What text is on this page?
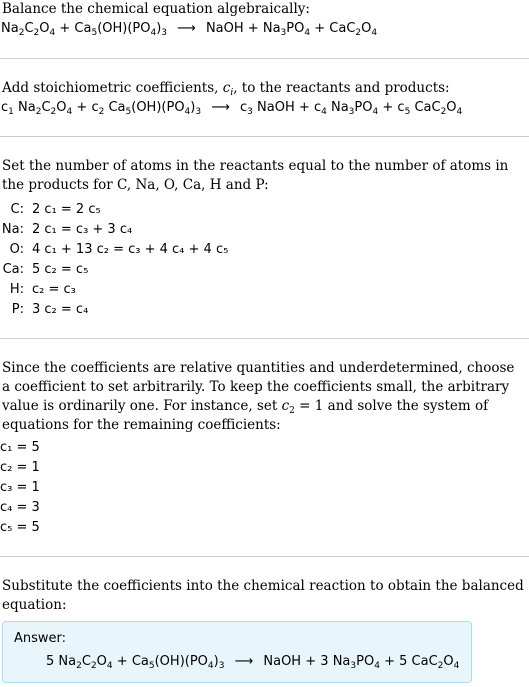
Balance the chemical equation algebraically:
$Na_2C_2O_4 + Ca_5(OH)(PO_4)_3$ ⟶ NaOH + $Na_3PO_4 + CaC_2O_4$
Add stoichiometric coefficients, $c_i$, to the reactants and products:
$c_1$ $Na_2C_2O_4 + c_2$ $Ca_5(OH)(PO_4)_3$ ⟶ $c_3$ NaOH + $c_4$ $Na_3PO_4 + c_5$ $CaC_2O_4$
Set the number of atoms in the reactants equal to the number of atoms in the products for C, Na, O, Ca, H and P:
C:	2 c₁ = 2 c₅
Na:	2 c₁ = c₃ + 3 c₄
O:	4 c₁ + 13 c₂ = c₃ + 4 c₄ + 4 c₅
Ca:	5 c₂ = c₅
H:	c₂ = c₃
P:	3 c₂ = c₄
Since the coefficients are relative quantities and underdetermined, choose a coefficient to set arbitrarily. To keep the coefficients small, the arbitrary value is ordinarily one. For instance, set $c_2 = 1$ and solve the system of equations for the remaining coefficients:
c₁ = 5
c₂ = 1
c₃ = 1
c₄ = 3
c₅ = 5
Substitute the coefficients into the chemical reaction to obtain the balanced equation:
Answer:
5 $Na_2C_2O_4 + Ca_5(OH)(PO_4)_3$ ⟶ NaOH + 3 $Na_3PO_4 + 5$ $CaC_2O_4$
